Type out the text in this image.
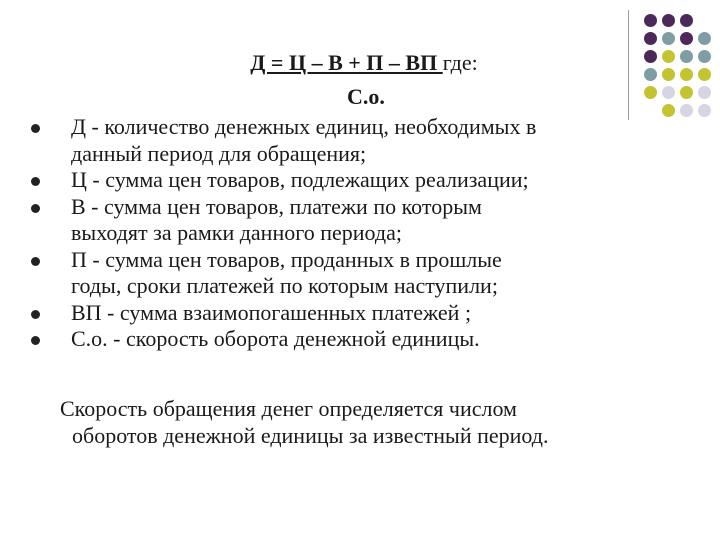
Д = Ц – В + П – ВП где:
С.о.
Д - количество денежных единиц, необходимых в
данный период для обращения;
Ц - сумма цен товаров, подлежащих реализации;
В - сумма цен товаров, платежи по которым
выходят за рамки данного периода;
П - сумма цен товаров, проданных в прошлые
годы, сроки платежей по которым наступили;
ВП - сумма взаимопогашенных платежей ;
С.о. - скорость оборота денежной единицы.
Скорость обращения денег определяется числом
оборотов денежной единицы за известный период.
